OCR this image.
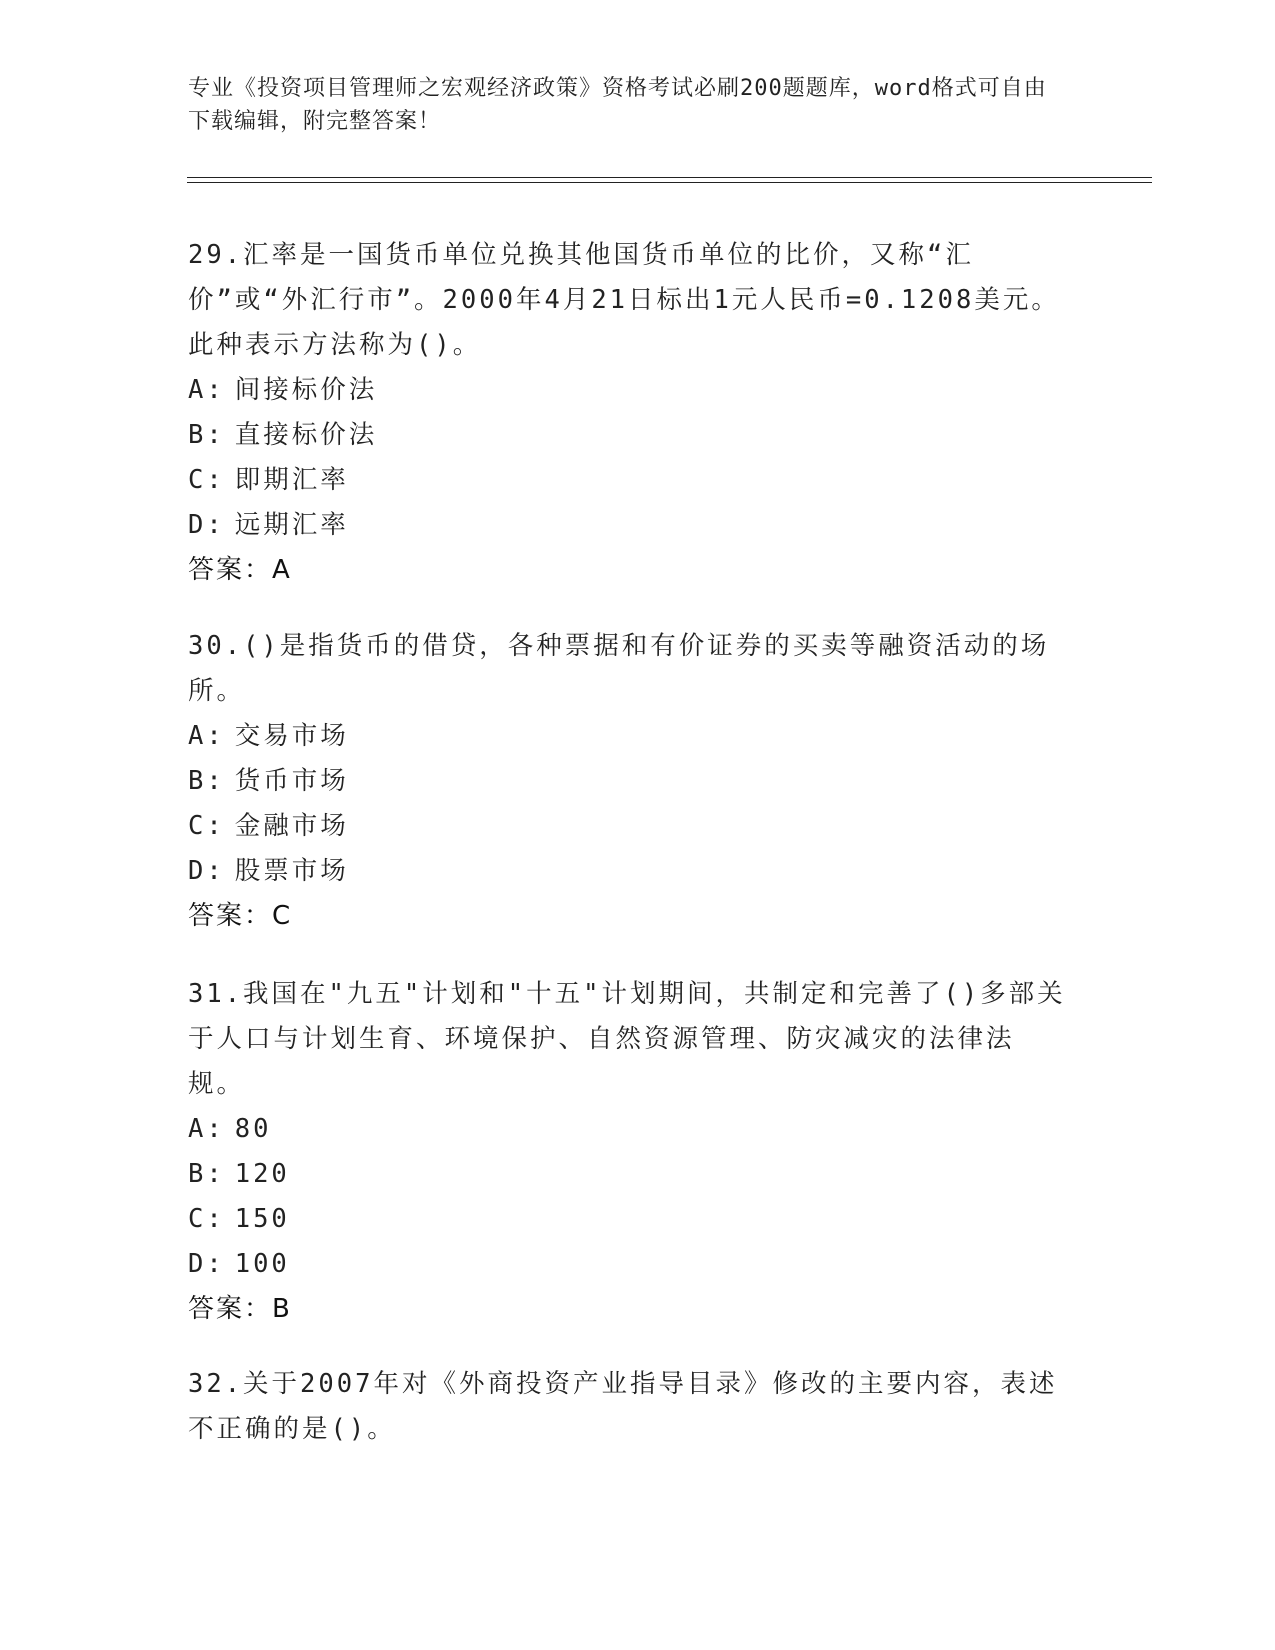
专业《投资项目管理师之宏观经济政策》资格考试必刷200题题库，word格式可自由下载编辑，附完整答案！
29.汇率是一国货币单位兑换其他国货币单位的比价，又称“汇价”或“外汇行市”。2000年4月21日标出1元人民币=0.1208美元。此种表示方法称为()。
A: 间接标价法
B: 直接标价法
C: 即期汇率
D: 远期汇率
答案：A
30.()是指货币的借贷，各种票据和有价证券的买卖等融资活动的场所。
A: 交易市场
B: 货币市场
C: 金融市场
D: 股票市场
答案：C
31.我国在"九五"计划和"十五"计划期间，共制定和完善了()多部关于人口与计划生育、环境保护、自然资源管理、防灾减灾的法律法规。
A: 80
B: 120
C: 150
D: 100
答案：B
32.关于2007年对《外商投资产业指导目录》修改的主要内容，表述不正确的是()。
